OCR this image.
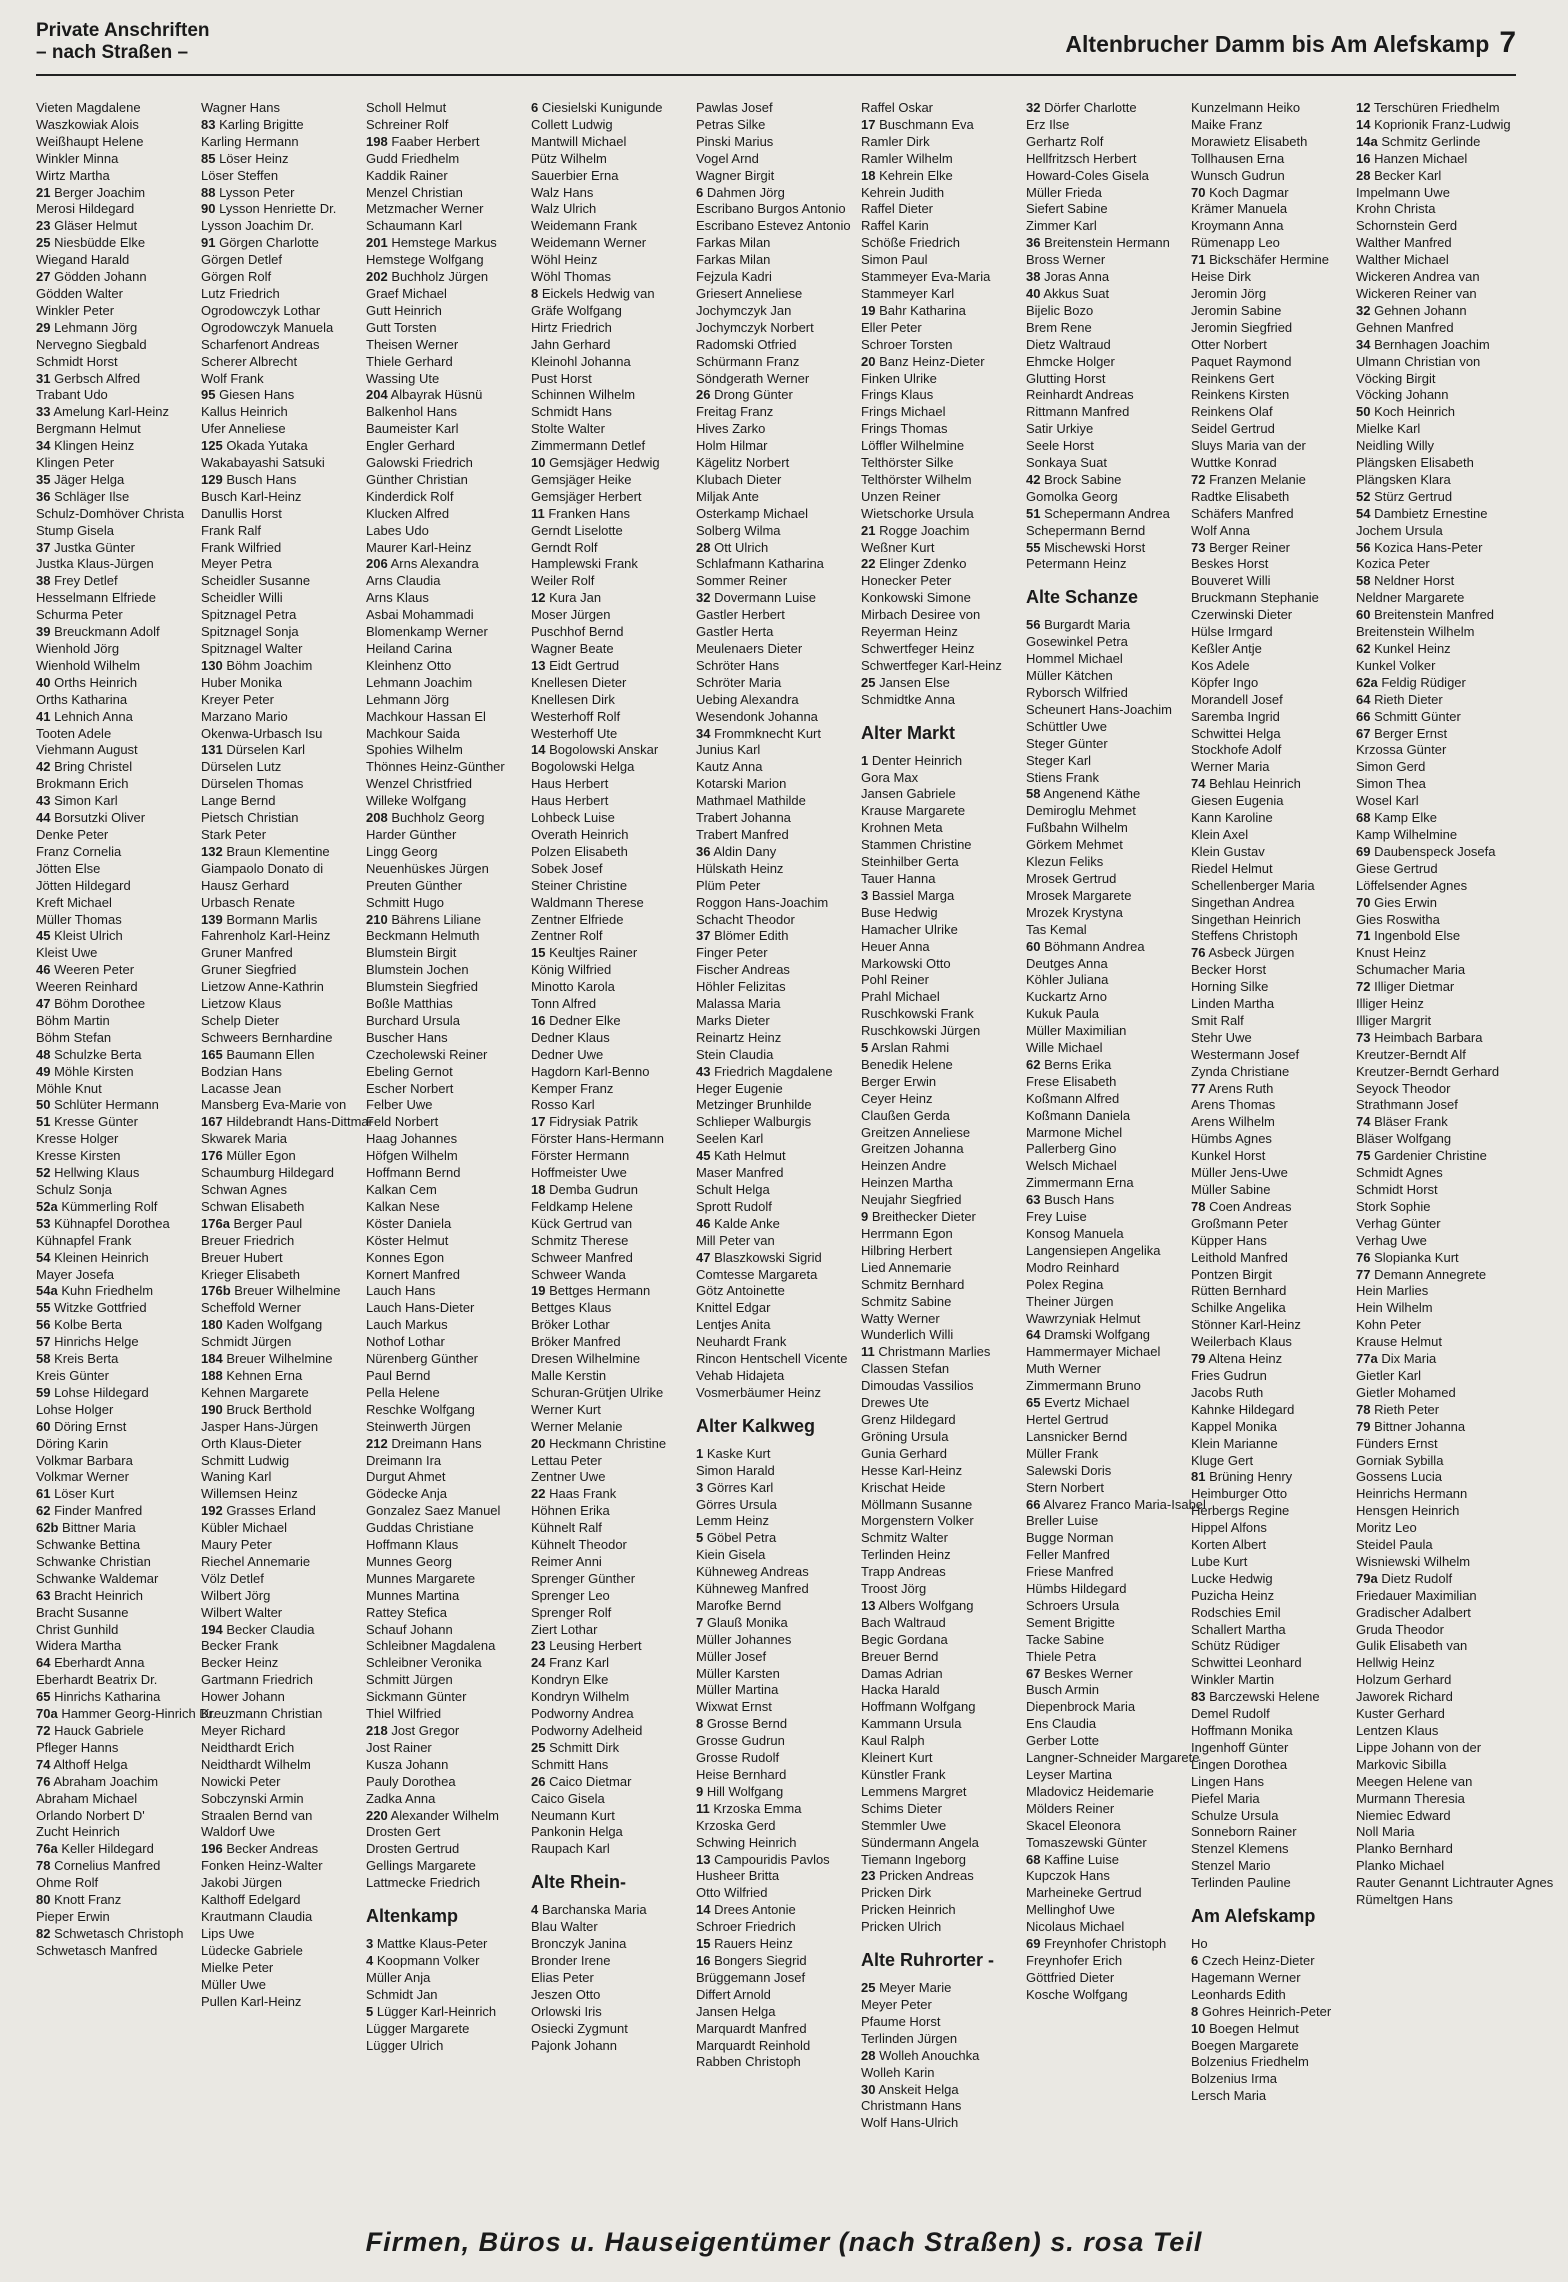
Private Anschriften
– nach Straßen –	Altenbrucher Damm bis Am Alefskamp 7
Vieten Magdalene
Waszkowiak Alois
Weißhaupt Helene
Winkler Minna
Wirtz Martha
21 Berger Joachim
Merosi Hildegard
23 Gläser Helmut
25 Niesbüdde Elke
Wiegand Harald
27 Gödden Johann
Gödden Walter
Winkler Peter
29 Lehmann Jörg
Nervegno Siegbald
Schmidt Horst
31 Gerbsch Alfred
Trabant Udo
33 Amelung Karl-Heinz
Bergmann Helmut
34 Klingen Heinz
Klingen Peter
35 Jäger Helga
36 Schläger Ilse
Schulz-Domhöver Christa
Stump Gisela
37 Justka Günter
Justka Klaus-Jürgen
38 Frey Detlef
Hesselmann Elfriede
Schurma Peter
39 Breuckmann Adolf
Wienhold Jörg
Wienhold Wilhelm
40 Orths Heinrich
Orths Katharina
41 Lehnich Anna
Tooten Adele
Viehmann August
42 Bring Christel
Brokmann Erich
43 Simon Karl
44 Borsutzki Oliver
Denke Peter
Franz Cornelia
Jötten Else
Jötten Hildegard
Kreft Michael
Müller Thomas
45 Kleist Ulrich
Kleist Uwe
46 Weeren Peter
Weeren Reinhard
47 Böhm Dorothee
Böhm Martin
Böhm Stefan
48 Schulzke Berta
49 Möhle Kirsten
Möhle Knut
50 Schlüter Hermann
51 Kresse Günter
Kresse Holger
Kresse Kirsten
52 Hellwing Klaus
Schulz Sonja
52a Kümmerling Rolf
53 Kühnapfel Dorothea
Kühnapfel Frank
54 Kleinen Heinrich
Mayer Josefa
54a Kuhn Friedhelm
55 Witzke Gottfried
56 Kolbe Berta
57 Hinrichs Helge
58 Kreis Berta
Kreis Günter
59 Lohse Hildegard
Lohse Holger
60 Döring Ernst
Döring Karin
Volkmar Barbara
Volkmar Werner
61 Löser Kurt
62 Finder Manfred
62b Bittner Maria
Schwanke Bettina
Schwanke Christian
Schwanke Waldemar
63 Bracht Heinrich
Bracht Susanne
Christ Gunhild
Widera Martha
64 Eberhardt Anna
Eberhardt Beatrix Dr.
65 Hinrichs Katharina
70a Hammer Georg-Hinrich Dr.
72 Hauck Gabriele
Pfleger Hanns
74 Althoff Helga
76 Abraham Joachim
Abraham Michael
Orlando Norbert D'
Zucht Heinrich
76a Keller Hildegard
78 Cornelius Manfred
Ohme Rolf
80 Knott Franz
Pieper Erwin
82 Schwetasch Christoph
Schwetasch Manfred
Wagner Hans
83 Karling Brigitte
Karling Hermann
85 Löser Heinz
Löser Steffen
88 Lysson Peter
90 Lysson Henriette Dr.
Lysson Joachim Dr.
91 Görgen Charlotte
Görgen Detlef
Görgen Rolf
Lutz Friedrich
Ogrodowczyk Lothar
Ogrodowczyk Manuela
Scharfenort Andreas
Scherer Albrecht
Wolf Frank
95 Giesen Hans
Kallus Heinrich
Ufer Anneliese
125 Okada Yutaka
Wakabayashi Satsuki
129 Busch Hans
Busch Karl-Heinz
Danullis Horst
Frank Ralf
Frank Wilfried
Meyer Petra
Scheidler Susanne
Scheidler Willi
Spitznagel Petra
Spitznagel Sonja
Spitznagel Walter
130 Böhm Joachim
Huber Monika
Kreyer Peter
Marzano Mario
Okenwa-Urbasch Isu
131 Dürselen Karl
Dürselen Lutz
Dürselen Thomas
Lange Bernd
Pietsch Christian
Stark Peter
132 Braun Klementine
Giampaolo Donato di
Hausz Gerhard
Urbasch Renate
139 Bormann Marlis
Fahrenholz Karl-Heinz
Gruner Manfred
Gruner Siegfried
Lietzow Anne-Kathrin
Lietzow Klaus
Schelp Dieter
Schweers Bernhardine
165 Baumann Ellen
Bodzian Hans
Lacasse Jean
Mansberg Eva-Marie von
167 Hildebrandt Hans-Dittmar
Skwarek Maria
176 Müller Egon
Schaumburg Hildegard
Schwan Agnes
Schwan Elisabeth
176a Berger Paul
Breuer Friedrich
Breuer Hubert
Krieger Elisabeth
176b Breuer Wilhelmine
Scheffold Werner
180 Kaden Wolfgang
Schmidt Jürgen
184 Breuer Wilhelmine
188 Kehnen Erna
Kehnen Margarete
190 Bruck Berthold
Jasper Hans-Jürgen
Orth Klaus-Dieter
Schmitt Ludwig
Waning Karl
Willemsen Heinz
192 Grasses Erland
Kübler Michael
Maury Peter
Riechel Annemarie
Völz Detlef
Wilbert Jörg
Wilbert Walter
194 Becker Claudia
Becker Frank
Becker Heinz
Gartmann Friedrich
Hower Johann
Kreuzmann Christian
Meyer Richard
Neidthardt Erich
Neidthardt Wilhelm
Nowicki Peter
Sobczynski Armin
Straalen Bernd van
Waldorf Uwe
196 Becker Andreas
Fonken Heinz-Walter
Jakobi Jürgen
Kalthoff Edelgard
Krautmann Claudia
Lips Uwe
Lüdecke Gabriele
Mielke Peter
Müller Uwe
Pullen Karl-Heinz
Scholl Helmut
Schreiner Rolf
198 Faaber Herbert
Gudd Friedhelm
Kaddik Rainer
Menzel Christian
Metzmacher Werner
Schaumann Karl
201 Hemstege Markus
Hemstege Wolfgang
202 Buchholz Jürgen
Graef Michael
Gutt Heinrich
Gutt Torsten
Theisen Werner
Thiele Gerhard
Wassing Ute
204 Albayrak Hüsnü
Balkenhol Hans
Baumeister Karl
Engler Gerhard
Galowski Friedrich
Günther Christian
Kinderdick Rolf
Klucken Alfred
Labes Udo
Maurer Karl-Heinz
206 Arns Alexandra
Arns Claudia
Arns Klaus
Asbai Mohammadi
Blomenkamp Werner
Heiland Carina
Kleinhenz Otto
Lehmann Joachim
Lehmann Jörg
Machkour Hassan El
Machkour Saida
Spohies Wilhelm
Thönnes Heinz-Günther
Wenzel Christfried
Willeke Wolfgang
208 Buchholz Georg
Harder Günther
Lingg Georg
Neuenhüskes Jürgen
Preuten Günther
Schmitt Hugo
210 Bährens Liliane
Beckmann Helmuth
Blumstein Birgit
Blumstein Jochen
Blumstein Siegfried
Boßle Matthias
Burchard Ursula
Buscher Hans
Czecholewski Reiner
Ebeling Gernot
Escher Norbert
Felber Uwe
Feld Norbert
Haag Johannes
Höfgen Wilhelm
Hoffmann Bernd
Kalkan Cem
Kalkan Nese
Köster Daniela
Köster Helmut
Konnes Egon
Kornert Manfred
Lauch Hans
Lauch Hans-Dieter
Lauch Markus
Nothof Lothar
Nürenberg Günther
Paul Bernd
Pella Helene
Reschke Wolfgang
Steinwerth Jürgen
212 Dreimann Hans
Dreimann Ira
Durgut Ahmet
Gödecke Anja
Gonzalez Saez Manuel
Guddas Christiane
Hoffmann Klaus
Munnes Georg
Munnes Margarete
Munnes Martina
Rattey Stefica
Schauf Johann
Schleibner Magdalena
Schleibner Veronika
Schmitt Jürgen
Sickmann Günter
Thiel Wilfried
218 Jost Gregor
Jost Rainer
Kusza Johann
Pauly Dorothea
Zadka Anna
220 Alexander Wilhelm
Drosten Gert
Drosten Gertrud
Gellings Margarete
Lattmecke Friedrich
Altenkamp
3 Mattke Klaus-Peter
4 Koopmann Volker
Müller Anja
Schmidt Jan
5 Lügger Karl-Heinrich
Lügger Margarete
Lügger Ulrich
6 Ciesielski Kunigunde
Collett Ludwig
Mantwill Michael
Pütz Wilhelm
Sauerbier Erna
Walz Hans
Walz Ulrich
Weidemann Frank
Weidemann Werner
Wöhl Heinz
Wöhl Thomas
8 Eickels Hedwig van
Gräfe Wolfgang
Hirtz Friedrich
Jahn Gerhard
Kleinohl Johanna
Pust Horst
Schinnen Wilhelm
Schmidt Hans
Stolte Walter
Zimmermann Detlef
10 Gemsjäger Hedwig
Gemsjäger Heike
Gemsjäger Herbert
11 Franken Hans
Gerndt Liselotte
Gerndt Rolf
Hamplewski Frank
Weiler Rolf
12 Kura Jan
Moser Jürgen
Puschhof Bernd
Wagner Beate
13 Eidt Gertrud
Knellesen Dieter
Knellesen Dirk
Westerhoff Rolf
Westerhoff Ute
14 Bogolowski Anskar
Bogolowski Helga
Haus Herbert
Haus Herbert
Lohbeck Luise
Overath Heinrich
Polzen Elisabeth
Sobek Josef
Steiner Christine
Waldmann Therese
Zentner Elfriede
Zentner Rolf
15 Keultjes Rainer
König Wilfried
Minotto Karola
Tonn Alfred
16 Dedner Elke
Dedner Klaus
Dedner Uwe
Hagdorn Karl-Benno
Kemper Franz
Rosso Karl
17 Fidrysiak Patrik
Förster Hans-Hermann
Förster Hermann
Hoffmeister Uwe
18 Demba Gudrun
Feldkamp Helene
Kück Gertrud van
Schmitz Therese
Schweer Manfred
Schweer Wanda
19 Bettges Hermann
Bettges Klaus
Bröker Lothar
Bröker Manfred
Dresen Wilhelmine
Malle Kerstin
Schuran-Grütjen Ulrike
Werner Kurt
Werner Melanie
20 Heckmann Christine
Lettau Peter
Zentner Uwe
22 Haas Frank
Höhnen Erika
Kühnelt Ralf
Kühnelt Theodor
Reimer Anni
Sprenger Günther
Sprenger Leo
Sprenger Rolf
Ziert Lothar
23 Leusing Herbert
24 Franz Karl
Kondryn Elke
Kondryn Wilhelm
Podworny Andrea
Podworny Adelheid
25 Schmitt Dirk
Schmitt Hans
26 Caico Dietmar
Caico Gisela
Neumann Kurt
Pankonin Helga
Raupach Karl
Alte Rhein-
4 Barchanska Maria
Blau Walter
Bronczyk Janina
Bronder Irene
Elias Peter
Jeszen Otto
Orlowski Iris
Osiecki Zygmunt
Pajonk Johann
Pawlas Josef
Petras Silke
Pinski Marius
Vogel Arnd
Wagner Birgit
6 Dahmen Jörg
Escribano Burgos Antonio
Escribano Estevez Antonio
Farkas Milan
Farkas Milan
Fejzula Kadri
Griesert Anneliese
Jochymczyk Jan
Jochymczyk Norbert
Radomski Otfried
Schürmann Franz
Söndgerath Werner
26 Drong Günter
Freitag Franz
Hives Zarko
Holm Hilmar
Kägelitz Norbert
Klubach Dieter
Miljak Ante
Osterkamp Michael
Solberg Wilma
28 Ott Ulrich
Schlafmann Katharina
Sommer Reiner
32 Dovermann Luise
Gastler Herbert
Gastler Herta
Meulenaers Dieter
Schröter Hans
Schröter Maria
Uebing Alexandra
Wesendonk Johanna
34 Frommknecht Kurt
Junius Karl
Kautz Anna
Kotarski Marion
Mathmael Mathilde
Trabert Johanna
Trabert Manfred
36 Aldin Dany
Hülskath Heinz
Plüm Peter
Roggon Hans-Joachim
Schacht Theodor
37 Blömer Edith
Finger Peter
Fischer Andreas
Höhler Felizitas
Malassa Maria
Marks Dieter
Reinartz Heinz
Stein Claudia
43 Friedrich Magdalene
Heger Eugenie
Metzinger Brunhilde
Schlieper Walburgis
Seelen Karl
45 Kath Helmut
Maser Manfred
Schult Helga
Sprott Rudolf
46 Kalde Anke
Mill Peter van
47 Blaszkowski Sigrid
Comtesse Margareta
Götz Antoinette
Knittel Edgar
Lentjes Anita
Neuhardt Frank
Rincon Hentschell Vicente
Vehab Hidajeta
Vosmerbäumer Heinz
Alter Kalkweg
1 Kaske Kurt
Simon Harald
3 Görres Karl
Görres Ursula
Lemm Heinz
5 Göbel Petra
Kiein Gisela
Kühneweg Andreas
Kühneweg Manfred
Marofke Bernd
7 Glauß Monika
Müller Johannes
Müller Josef
Müller Karsten
Müller Martina
Wixwat Ernst
8 Grosse Bernd
Grosse Gudrun
Grosse Rudolf
Heise Bernhard
9 Hill Wolfgang
11 Krzoska Emma
Krzoska Gerd
Schwing Heinrich
13 Campouridis Pavlos
Husheer Britta
Otto Wilfried
14 Drees Antonie
Schroer Friedrich
15 Rauers Heinz
16 Bongers Siegrid
Brüggemann Josef
Differt Arnold
Jansen Helga
Marquardt Manfred
Marquardt Reinhold
Rabben Christoph
Raffel Oskar
17 Buschmann Eva
Ramler Dirk
Ramler Wilhelm
18 Kehrein Elke
Kehrein Judith
Raffel Dieter
Raffel Karin
Schöße Friedrich
Simon Paul
Stammeyer Eva-Maria
Stammeyer Karl
19 Bahr Katharina
Eller Peter
Schroer Torsten
20 Banz Heinz-Dieter
Finken Ulrike
Frings Klaus
Frings Michael
Frings Thomas
Löffler Wilhelmine
Telthörster Silke
Telthörster Wilhelm
Unzen Reiner
Wietschorke Ursula
21 Rogge Joachim
Weßner Kurt
22 Elinger Zdenko
Honecker Peter
Konkowski Simone
Mirbach Desiree von
Reyerman Heinz
Schwertfeger Heinz
Schwertfeger Karl-Heinz
25 Jansen Else
Schmidtke Anna
Alter Markt
1 Denter Heinrich
Gora Max
Jansen Gabriele
Krause Margarete
Krohnen Meta
Stammen Christine
Steinhilber Gerta
Tauer Hanna
3 Bassiel Marga
Buse Hedwig
Hamacher Ulrike
Heuer Anna
Markowski Otto
Pohl Reiner
Prahl Michael
Ruschkowski Frank
Ruschkowski Jürgen
5 Arslan Rahmi
Benedik Helene
Berger Erwin
Ceyer Heinz
Claußen Gerda
Greitzen Anneliese
Greitzen Johanna
Heinzen Andre
Heinzen Martha
Neujahr Siegfried
9 Breithecker Dieter
Herrmann Egon
Hilbring Herbert
Lied Annemarie
Schmitz Bernhard
Schmitz Sabine
Watty Werner
Wunderlich Willi
11 Christmann Marlies
Classen Stefan
Dimoudas Vassilios
Drewes Ute
Grenz Hildegard
Gröning Ursula
Gunia Gerhard
Hesse Karl-Heinz
Krischat Heide
Möllmann Susanne
Morgenstern Volker
Schmitz Walter
Terlinden Heinz
Trapp Andreas
Troost Jörg
13 Albers Wolfgang
Bach Waltraud
Begic Gordana
Breuer Bernd
Damas Adrian
Hacka Harald
Hoffmann Wolfgang
Kammann Ursula
Kaul Ralph
Kleinert Kurt
Künstler Frank
Lemmens Margret
Schims Dieter
Stemmler Uwe
Sündermann Angela
Tiemann Ingeborg
23 Pricken Andreas
Pricken Dirk
Pricken Heinrich
Pricken Ulrich
Alte Ruhrorter -
25 Meyer Marie
Meyer Peter
Pfaume Horst
Terlinden Jürgen
28 Wolleh Anouchka
Wolleh Karin
30 Anskeit Helga
Christmann Hans
Wolf Hans-Ulrich
32 Dörfer Charlotte
Erz Ilse
Gerhartz Rolf
Hellfritzsch Herbert
Howard-Coles Gisela
Müller Frieda
Siefert Sabine
Zimmer Karl
36 Breitenstein Hermann
Bross Werner
38 Joras Anna
40 Akkus Suat
Bijelic Bozo
Brem Rene
Dietz Waltraud
Ehmcke Holger
Glutting Horst
Reinhardt Andreas
Rittmann Manfred
Satir Urkiye
Seele Horst
Sonkaya Suat
42 Brock Sabine
Gomolka Georg
51 Schepermann Andrea
Schepermann Bernd
55 Mischewski Horst
Petermann Heinz
Alte Schanze
56 Burgardt Maria
Gosewinkel Petra
Hommel Michael
Müller Kätchen
Ryborsch Wilfried
Scheunert Hans-Joachim
Schüttler Uwe
Steger Günter
Steger Karl
Stiens Frank
58 Angenend Käthe
Demiroglu Mehmet
Fußbahn Wilhelm
Görkem Mehmet
Klezun Feliks
Mrosek Gertrud
Mrosek Margarete
Mrozek Krystyna
Tas Kemal
60 Böhmann Andrea
Deutges Anna
Köhler Juliana
Kuckartz Arno
Kukuk Paula
Müller Maximilian
Wille Michael
62 Berns Erika
Frese Elisabeth
Koßmann Alfred
Koßmann Daniela
Marmone Michel
Pallerberg Gino
Welsch Michael
Zimmermann Erna
63 Busch Hans
Frey Luise
Konsog Manuela
Langensiepen Angelika
Modro Reinhard
Polex Regina
Theiner Jürgen
Wawrzyniak Helmut
64 Dramski Wolfgang
Hammermayer Michael
Muth Werner
Zimmermann Bruno
65 Evertz Michael
Hertel Gertrud
Lansnicker Bernd
Müller Frank
Salewski Doris
Stern Norbert
66 Alvarez Franco Maria-Isabel
Breller Luise
Bugge Norman
Feller Manfred
Friese Manfred
Hümbs Hildegard
Schroers Ursula
Sement Brigitte
Tacke Sabine
Thiele Petra
67 Beskes Werner
Busch Armin
Diepenbrock Maria
Ens Claudia
Gerber Lotte
Langner-Schneider Margarete
Leyser Martina
Mladovicz Heidemarie
Mölders Reiner
Skacel Eleonora
Tomaszewski Günter
68 Kaffine Luise
Kupczok Hans
Marheineke Gertrud
Mellinghof Uwe
Nicolaus Michael
69 Freynhofer Christoph
Freynhofer Erich
Göttfried Dieter
Kosche Wolfgang
Kunzelmann Heiko
Maike Franz
Morawietz Elisabeth
Tollhausen Erna
Wunsch Gudrun
70 Koch Dagmar
Krämer Manuela
Kroymann Anna
Rümenapp Leo
71 Bickschäfer Hermine
Heise Dirk
Jeromin Jörg
Jeromin Sabine
Jeromin Siegfried
Otter Norbert
Paquet Raymond
Reinkens Gert
Reinkens Kirsten
Reinkens Olaf
Seidel Gertrud
Sluys Maria van der
Wuttke Konrad
72 Franzen Melanie
Radtke Elisabeth
Schäfers Manfred
Wolf Anna
73 Berger Reiner
Beskes Horst
Bouveret Willi
Bruckmann Stephanie
Czerwinski Dieter
Hülse Irmgard
Keßler Antje
Kos Adele
Köpfer Ingo
Morandell Josef
Saremba Ingrid
Schwittei Helga
Stockhofe Adolf
Werner Maria
74 Behlau Heinrich
Giesen Eugenia
Kann Karoline
Klein Axel
Klein Gustav
Riedel Helmut
Schellenberger Maria
Singethan Andrea
Singethan Heinrich
Steffens Christoph
76 Asbeck Jürgen
Becker Horst
Horning Silke
Linden Martha
Smit Ralf
Stehr Uwe
Westermann Josef
Zynda Christiane
77 Arens Ruth
Arens Thomas
Arens Wilhelm
Hümbs Agnes
Kunkel Horst
Müller Jens-Uwe
Müller Sabine
78 Coen Andreas
Großmann Peter
Küpper Hans
Leithold Manfred
Pontzen Birgit
Rütten Bernhard
Schilke Angelika
Stönner Karl-Heinz
Weilerbach Klaus
79 Altena Heinz
Fries Gudrun
Jacobs Ruth
Kahnke Hildegard
Kappel Monika
Klein Marianne
Kluge Gert
81 Brüning Henry
Heimburger Otto
Herbergs Regine
Hippel Alfons
Korten Albert
Lube Kurt
Lucke Hedwig
Puzicha Heinz
Rodschies Emil
Schallert Martha
Schütz Rüdiger
Schwittei Leonhard
Winkler Martin
83 Barczewski Helene
Demel Rudolf
Hoffmann Monika
Ingenhoff Günter
Lingen Dorothea
Lingen Hans
Piefel Maria
Schulze Ursula
Sonneborn Rainer
Stenzel Klemens
Stenzel Mario
Terlinden Pauline
Am Alefskamp
Ho
6 Czech Heinz-Dieter
Hagemann Werner
Leonhards Edith
8 Gohres Heinrich-Peter
10 Boegen Helmut
Boegen Margarete
Bolzenius Friedhelm
Bolzenius Irma
Lersch Maria
12 Terschüren Friedhelm
14 Koprionik Franz-Ludwig
14a Schmitz Gerlinde
16 Hanzen Michael
28 Becker Karl
Impelmann Uwe
Krohn Christa
Schornstein Gerd
Walther Manfred
Walther Michael
Wickeren Andrea van
Wickeren Reiner van
32 Gehnen Johann
Gehnen Manfred
34 Bernhagen Joachim
Ulmann Christian von
Vöcking Birgit
Vöcking Johann
50 Koch Heinrich
Mielke Karl
Neidling Willy
Plängsken Elisabeth
Plängsken Klara
52 Stürz Gertrud
54 Dambietz Ernestine
Jochem Ursula
56 Kozica Hans-Peter
Kozica Peter
58 Neldner Horst
Neldner Margarete
60 Breitenstein Manfred
Breitenstein Wilhelm
62 Kunkel Heinz
Kunkel Volker
62a Feldig Rüdiger
64 Rieth Dieter
66 Schmitt Günter
67 Berger Ernst
Krzossa Günter
Simon Gerd
Simon Thea
Wosel Karl
68 Kamp Elke
Kamp Wilhelmine
69 Daubenspeck Josefa
Giese Gertrud
Löffelsender Agnes
70 Gies Erwin
Gies Roswitha
71 Ingenbold Else
Knust Heinz
Schumacher Maria
72 Illiger Dietmar
Illiger Heinz
Illiger Margrit
73 Heimbach Barbara
Kreutzer-Berndt Alf
Kreutzer-Berndt Gerhard
Seyock Theodor
Strathmann Josef
74 Bläser Frank
Bläser Wolfgang
75 Gardenier Christine
Schmidt Agnes
Schmidt Horst
Stork Sophie
Verhag Günter
Verhag Uwe
76 Slopianka Kurt
77 Demann Annegrete
Hein Marlies
Hein Wilhelm
Kohn Peter
Krause Helmut
77a Dix Maria
Gietler Karl
Gietler Mohamed
78 Rieth Peter
79 Bittner Johanna
Fünders Ernst
Gorniak Sybilla
Gossens Lucia
Heinrichs Hermann
Hensgen Heinrich
Moritz Leo
Steidel Paula
Wisniewski Wilhelm
79a Dietz Rudolf
Friedauer Maximilian
Gradischer Adalbert
Gruda Theodor
Gulik Elisabeth van
Hellwig Heinz
Holzum Gerhard
Jaworek Richard
Kuster Gerhard
Lentzen Klaus
Lippe Johann von der
Markovic Sibilla
Meegen Helene van
Murmann Theresia
Niemiec Edward
Noll Maria
Planko Bernhard
Planko Michael
Rauter Genannt Lichtrauter Agnes
Rümeltgen Hans
Firmen, Büros u. Hauseigentümer (nach Straßen) s. rosa Teil
